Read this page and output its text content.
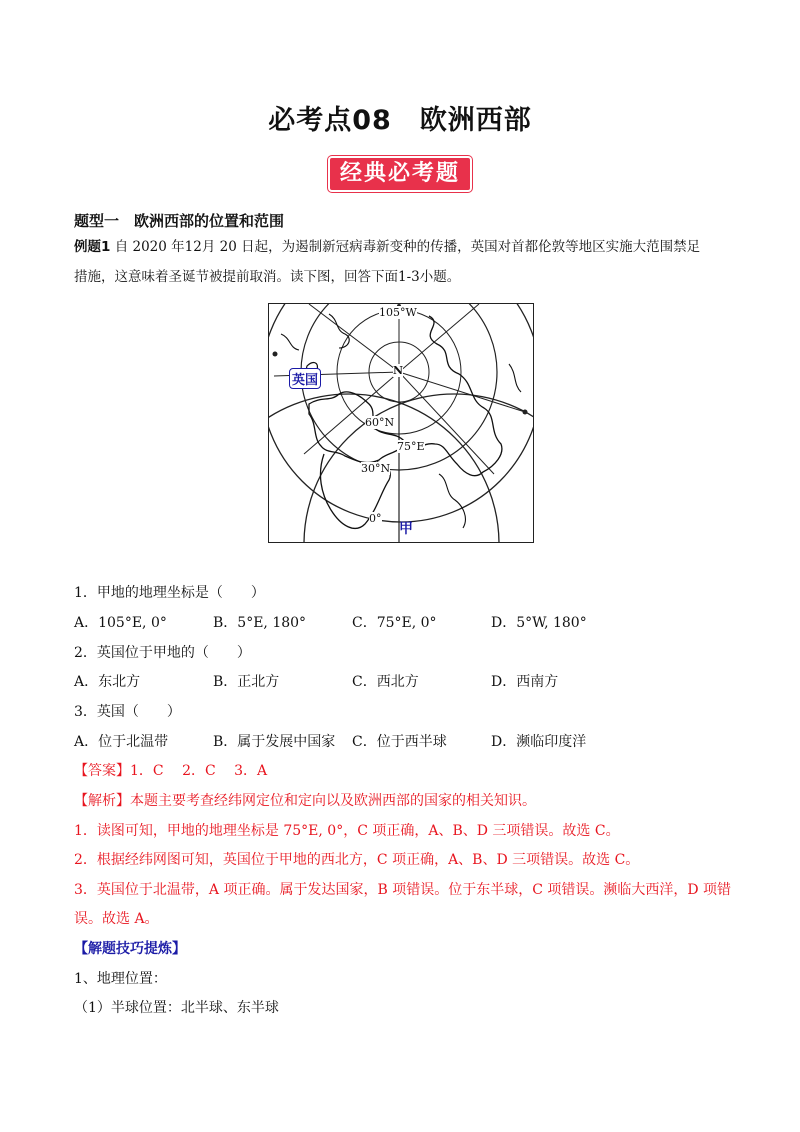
必考点08　欧洲西部
经典必考题
题型一　欧洲西部的位置和范围
例题1 自 2020 年12月 20 日起，为遏制新冠病毒新变种的传播，英国对首都伦敦等地区实施大范围禁足
措施，这意味着圣诞节被提前取消。读下图，回答下面1-3小题。
105°W
英国
N
60°N
75°E
30°N
0°
甲
1．甲地的地理坐标是（　　）
A．105°E, 0°	B．5°E, 180°	C．75°E, 0°	D．5°W, 180°
2．英国位于甲地的（　　）
A．东北方	B．正北方	C．西北方	D．西南方
3．英国（　　）
A．位于北温带	B．属于发展中国家 C．位于西半球	D．濒临印度洋
【答案】1．C　 2．C　 3．A
【解析】本题主要考查经纬网定位和定向以及欧洲西部的国家的相关知识。
1．读图可知，甲地的地理坐标是 75°E, 0°，C 项正确，A、B、D 三项错误。故选 C。
2．根据经纬网图可知，英国位于甲地的西北方，C 项正确，A、B、D 三项错误。故选 C。
3．英国位于北温带，A 项正确。属于发达国家，B 项错误。位于东半球，C 项错误。濒临大西洋，D 项错
误。故选 A。
【解题技巧提炼】
1、地理位置：
（1）半球位置：北半球、东半球
